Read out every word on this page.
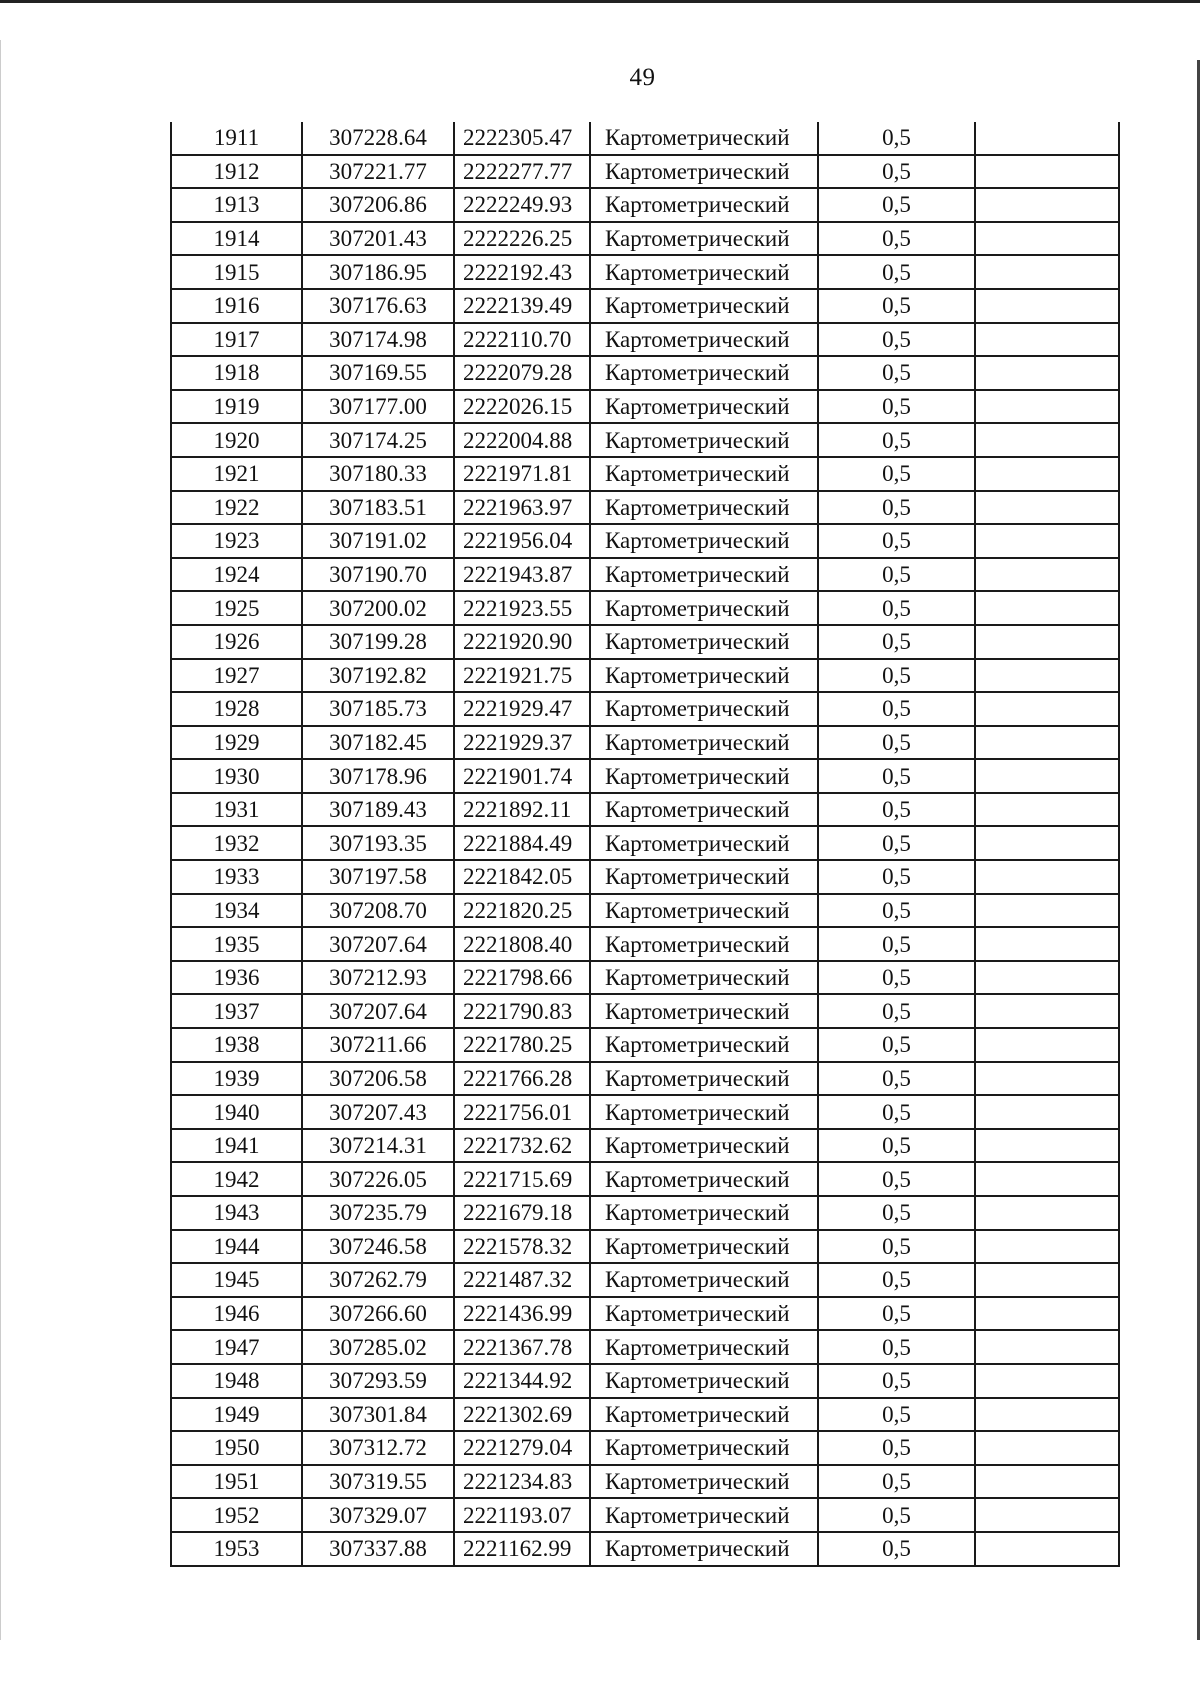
49
1911	307228.64	2222305.47	Картометрический	0,5	
1912	307221.77	2222277.77	Картометрический	0,5	
1913	307206.86	2222249.93	Картометрический	0,5	
1914	307201.43	2222226.25	Картометрический	0,5	
1915	307186.95	2222192.43	Картометрический	0,5	
1916	307176.63	2222139.49	Картометрический	0,5	
1917	307174.98	2222110.70	Картометрический	0,5	
1918	307169.55	2222079.28	Картометрический	0,5	
1919	307177.00	2222026.15	Картометрический	0,5	
1920	307174.25	2222004.88	Картометрический	0,5	
1921	307180.33	2221971.81	Картометрический	0,5	
1922	307183.51	2221963.97	Картометрический	0,5	
1923	307191.02	2221956.04	Картометрический	0,5	
1924	307190.70	2221943.87	Картометрический	0,5	
1925	307200.02	2221923.55	Картометрический	0,5	
1926	307199.28	2221920.90	Картометрический	0,5	
1927	307192.82	2221921.75	Картометрический	0,5	
1928	307185.73	2221929.47	Картометрический	0,5	
1929	307182.45	2221929.37	Картометрический	0,5	
1930	307178.96	2221901.74	Картометрический	0,5	
1931	307189.43	2221892.11	Картометрический	0,5	
1932	307193.35	2221884.49	Картометрический	0,5	
1933	307197.58	2221842.05	Картометрический	0,5	
1934	307208.70	2221820.25	Картометрический	0,5	
1935	307207.64	2221808.40	Картометрический	0,5	
1936	307212.93	2221798.66	Картометрический	0,5	
1937	307207.64	2221790.83	Картометрический	0,5	
1938	307211.66	2221780.25	Картометрический	0,5	
1939	307206.58	2221766.28	Картометрический	0,5	
1940	307207.43	2221756.01	Картометрический	0,5	
1941	307214.31	2221732.62	Картометрический	0,5	
1942	307226.05	2221715.69	Картометрический	0,5	
1943	307235.79	2221679.18	Картометрический	0,5	
1944	307246.58	2221578.32	Картометрический	0,5	
1945	307262.79	2221487.32	Картометрический	0,5	
1946	307266.60	2221436.99	Картометрический	0,5	
1947	307285.02	2221367.78	Картометрический	0,5	
1948	307293.59	2221344.92	Картометрический	0,5	
1949	307301.84	2221302.69	Картометрический	0,5	
1950	307312.72	2221279.04	Картометрический	0,5	
1951	307319.55	2221234.83	Картометрический	0,5	
1952	307329.07	2221193.07	Картометрический	0,5	
1953	307337.88	2221162.99	Картометрический	0,5	
